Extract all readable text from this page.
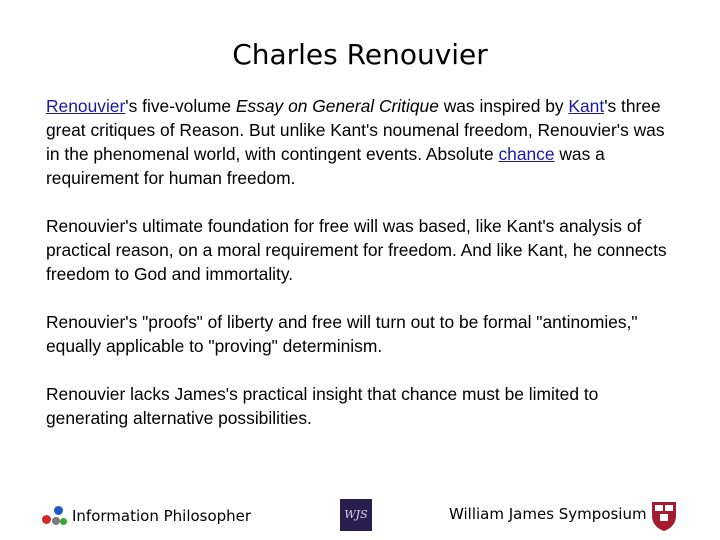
Charles Renouvier

Renouvier's five-volume Essay on General Critique was inspired by Kant's three great critiques of Reason. But unlike Kant's noumenal freedom, Renouvier's was in the phenomenal world, with contingent events. Absolute chance was a requirement for human freedom.

Renouvier's ultimate foundation for free will was based, like Kant's analysis of practical reason, on a moral requirement for freedom. And like Kant, he connects freedom to God and immortality.

Renouvier's "proofs" of liberty and free will turn out to be formal "antinomies," equally applicable to "proving" determinism.

Renouvier lacks James's practical insight that chance must be limited to generating alternative possibilities.

Information Philosopher	WJS	William James Symposium
